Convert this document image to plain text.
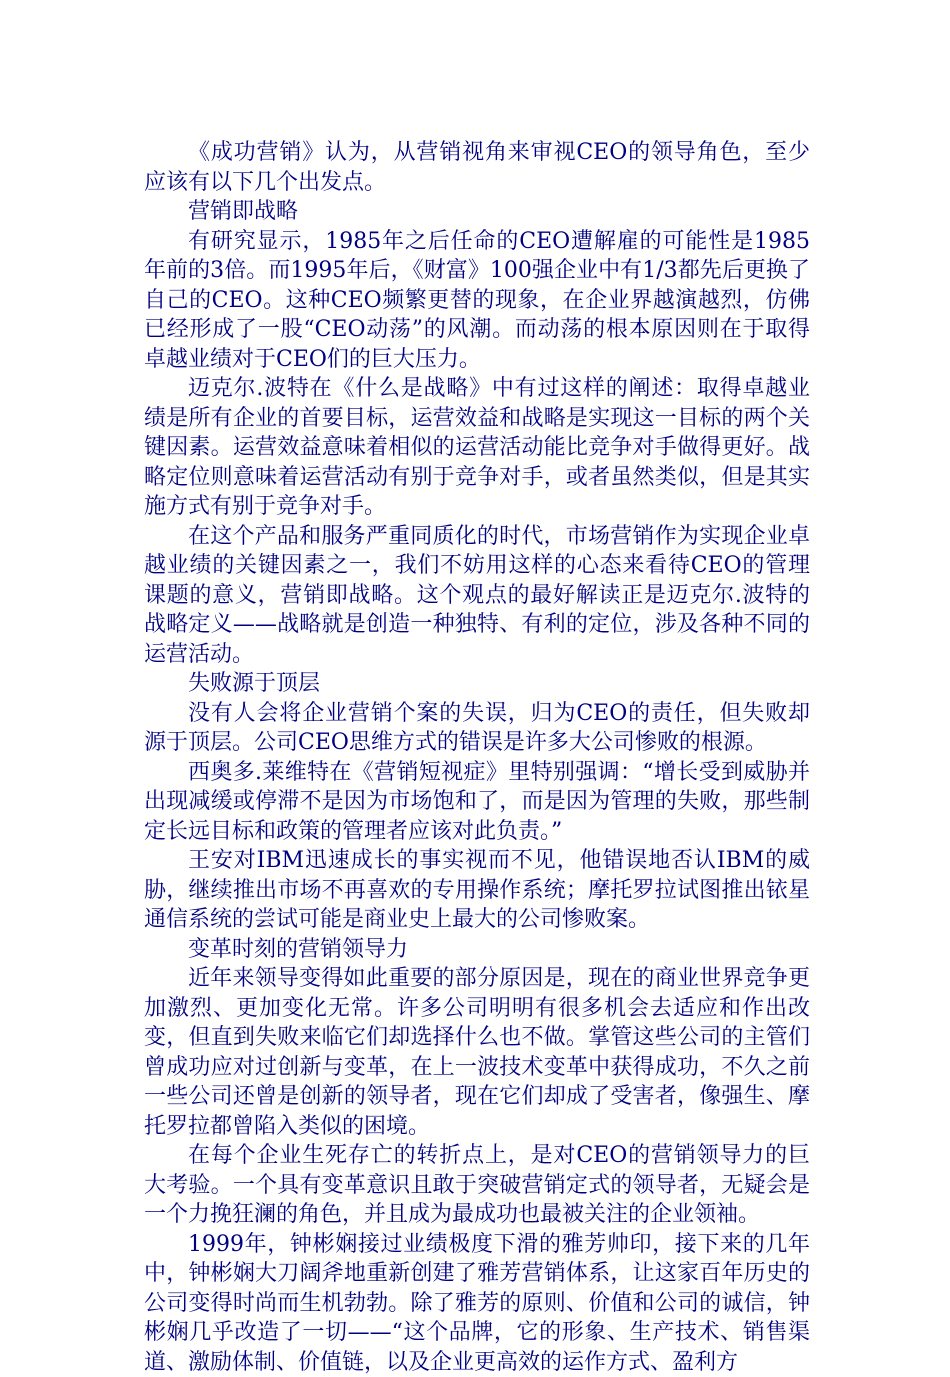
《成功营销》认为，从营销视角来审视CEO的领导角色，至少应该有以下几个出发点。

营销即战略

有研究显示，1985年之后任命的CEO遭解雇的可能性是1985年前的3倍。而1995年后，《财富》100强企业中有1/3都先后更换了自己的CEO。这种CEO频繁更替的现象，在企业界越演越烈，仿佛已经形成了一股“CEO动荡”的风潮。而动荡的根本原因则在于取得卓越业绩对于CEO们的巨大压力。

迈克尔.波特在《什么是战略》中有过这样的阐述：取得卓越业绩是所有企业的首要目标，运营效益和战略是实现这一目标的两个关键因素。运营效益意味着相似的运营活动能比竞争对手做得更好。战略定位则意味着运营活动有别于竞争对手，或者虽然类似，但是其实施方式有别于竞争对手。

在这个产品和服务严重同质化的时代，市场营销作为实现企业卓越业绩的关键因素之一，我们不妨用这样的心态来看待CEO的管理课题的意义，营销即战略。这个观点的最好解读正是迈克尔.波特的战略定义——战略就是创造一种独特、有利的定位，涉及各种不同的运营活动。

失败源于顶层

没有人会将企业营销个案的失误，归为CEO的责任，但失败却源于顶层。公司CEO思维方式的错误是许多大公司惨败的根源。

西奥多.莱维特在《营销短视症》里特别强调：“增长受到威胁并出现减缓或停滞不是因为市场饱和了，而是因为管理的失败，那些制定长远目标和政策的管理者应该对此负责。”

王安对IBM迅速成长的事实视而不见，他错误地否认IBM的威胁，继续推出市场不再喜欢的专用操作系统；摩托罗拉试图推出铱星通信系统的尝试可能是商业史上最大的公司惨败案。

变革时刻的营销领导力

近年来领导变得如此重要的部分原因是，现在的商业世界竞争更加激烈、更加变化无常。许多公司明明有很多机会去适应和作出改变，但直到失败来临它们却选择什么也不做。掌管这些公司的主管们曾成功应对过创新与变革，在上一波技术变革中获得成功，不久之前一些公司还曾是创新的领导者，现在它们却成了受害者，像强生、摩托罗拉都曾陷入类似的困境。

在每个企业生死存亡的转折点上，是对CEO的营销领导力的巨大考验。一个具有变革意识且敢于突破营销定式的领导者，无疑会是一个力挽狂澜的角色，并且成为最成功也最被关注的企业领袖。

1999年，钟彬娴接过业绩极度下滑的雅芳帅印，接下来的几年中，钟彬娴大刀阔斧地重新创建了雅芳营销体系，让这家百年历史的公司变得时尚而生机勃勃。除了雅芳的原则、价值和公司的诚信，钟彬娴几乎改造了一切——“这个品牌，它的形象、生产技术、销售渠道、激励体制、价值链，以及企业更高效的运作方式、盈利方
